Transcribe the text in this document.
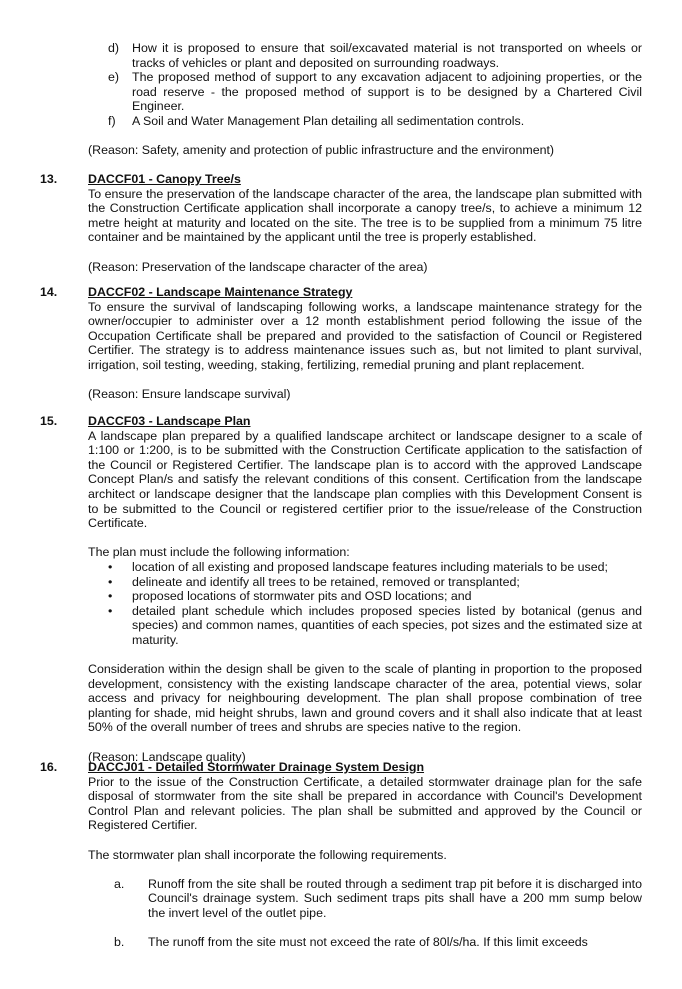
d)	How it is proposed to ensure that soil/excavated material is not transported on wheels or tracks of vehicles or plant and deposited on surrounding roadways.
e)	The proposed method of support to any excavation adjacent to adjoining properties, or the road reserve - the proposed method of support is to be designed by a Chartered Civil Engineer.
f)	A Soil and Water Management Plan detailing all sedimentation controls.

(Reason: Safety, amenity and protection of public infrastructure and the environment)

13.	DACCF01 - Canopy Tree/s

To ensure the preservation of the landscape character of the area, the landscape plan submitted with the Construction Certificate application shall incorporate a canopy tree/s, to achieve a minimum 12 metre height at maturity and located on the site. The tree is to be supplied from a minimum 75 litre container and be maintained by the applicant until the tree is properly established.

(Reason: Preservation of the landscape character of the area)

14.	DACCF02 - Landscape Maintenance Strategy

To ensure the survival of landscaping following works, a landscape maintenance strategy for the owner/occupier to administer over a 12 month establishment period following the issue of the Occupation Certificate shall be prepared and provided to the satisfaction of Council or Registered Certifier. The strategy is to address maintenance issues such as, but not limited to plant survival, irrigation, soil testing, weeding, staking, fertilizing, remedial pruning and plant replacement.

(Reason: Ensure landscape survival)

15.	DACCF03 - Landscape Plan

A landscape plan prepared by a qualified landscape architect or landscape designer to a scale of 1:100 or 1:200, is to be submitted with the Construction Certificate application to the satisfaction of the Council or Registered Certifier. The landscape plan is to accord with the approved Landscape Concept Plan/s and satisfy the relevant conditions of this consent. Certification from the landscape architect or landscape designer that the landscape plan complies with this Development Consent is to be submitted to the Council or registered certifier prior to the issue/release of the Construction Certificate.

The plan must include the following information:

•	location of all existing and proposed landscape features including materials to be used;
•	delineate and identify all trees to be retained, removed or transplanted;
•	proposed locations of stormwater pits and OSD locations; and
•	detailed plant schedule which includes proposed species listed by botanical (genus and species) and common names, quantities of each species, pot sizes and the estimated size at maturity.

Consideration within the design shall be given to the scale of planting in proportion to the proposed development, consistency with the existing landscape character of the area, potential views, solar access and privacy for neighbouring development. The plan shall propose combination of tree planting for shade, mid height shrubs, lawn and ground covers and it shall also indicate that at least 50% of the overall number of trees and shrubs are species native to the region.

(Reason: Landscape quality)

16.	DACCJ01 - Detailed Stormwater Drainage System Design

Prior to the issue of the Construction Certificate, a detailed stormwater drainage plan for the safe disposal of stormwater from the site shall be prepared in accordance with Council's Development Control Plan and relevant policies. The plan shall be submitted and approved by the Council or Registered Certifier.

The stormwater plan shall incorporate the following requirements.

a.	Runoff from the site shall be routed through a sediment trap pit before it is discharged into Council's drainage system. Such sediment traps pits shall have a 200 mm sump below the invert level of the outlet pipe.
b.	The runoff from the site must not exceed the rate of 80l/s/ha. If this limit exceeds
